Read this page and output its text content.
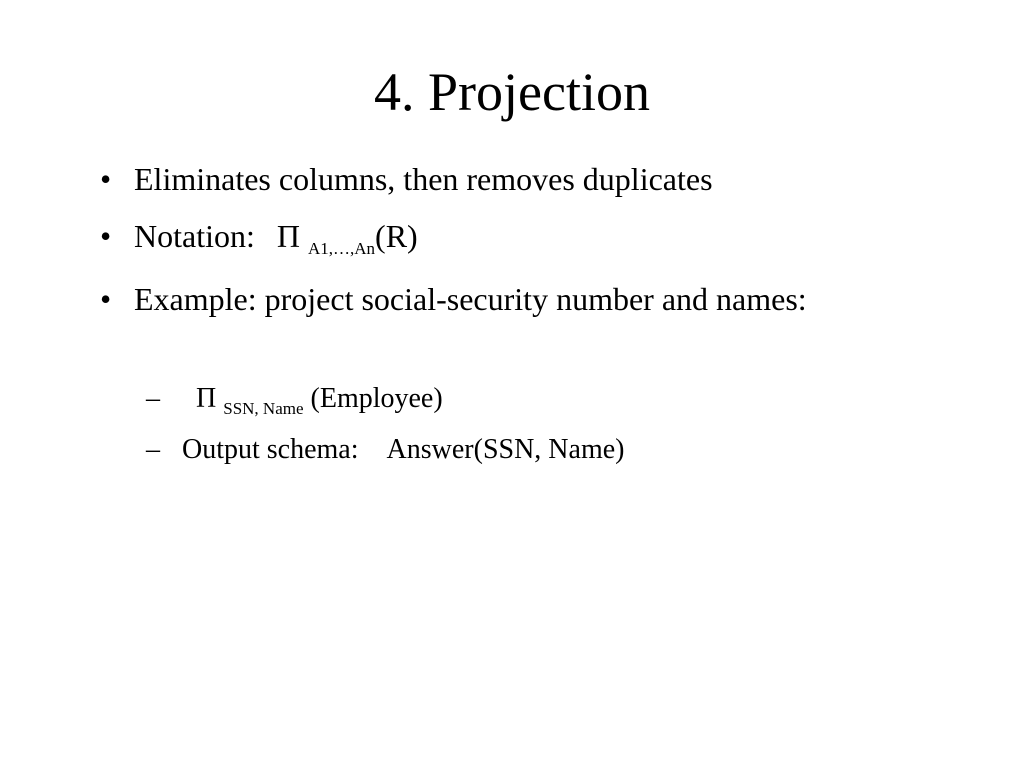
4. Projection
• Eliminates columns, then removes duplicates
• Notation: Π $_{A1,\dots,An}$(R)
• Example: project social-security number and names:
–	Π $_{SSN, Name}$ (Employee)
– Output schema: Answer(SSN, Name)
